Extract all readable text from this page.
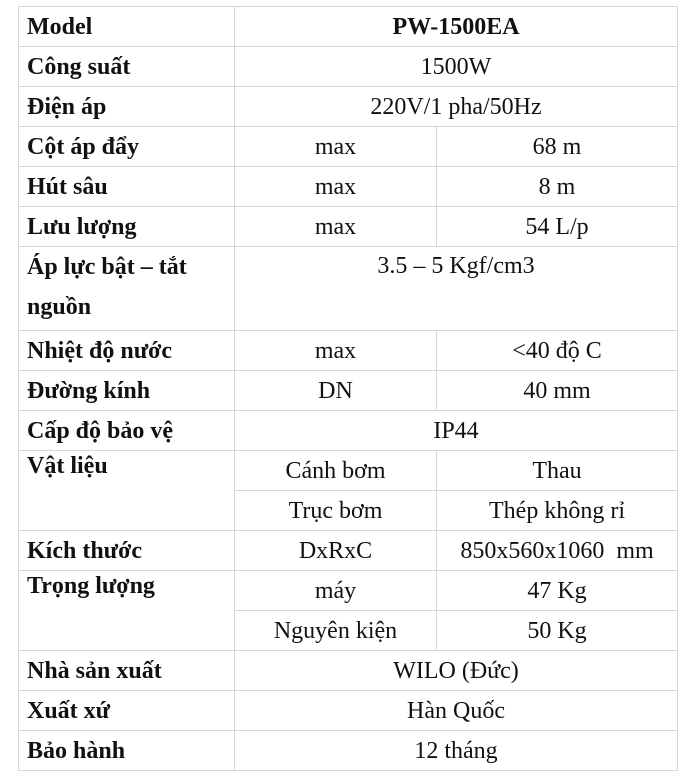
Model	PW-1500EA	
Công suất	1500W	
Điện áp	220V/1 pha/50Hz	
Cột áp đẩy	max	68 m
Hút sâu	max	8 m
Lưu lượng	max	54 L/p
Áp lực bật – tắt nguồn	3.5 – 5 Kgf/cm3	
Nhiệt độ nước	max	<40 độ C
Đường kính	DN	40 mm
Cấp độ bảo vệ	IP44	
Vật liệu	Cánh bơm	Thau
	Trục bơm	Thép không rỉ
Kích thước	DxRxC	850x560x1060  mm
Trọng lượng	máy	47 Kg
	Nguyên kiện	50 Kg
Nhà sản xuất	WILO (Đức)	
Xuất xứ	Hàn Quốc	
Bảo hành	12 tháng	
